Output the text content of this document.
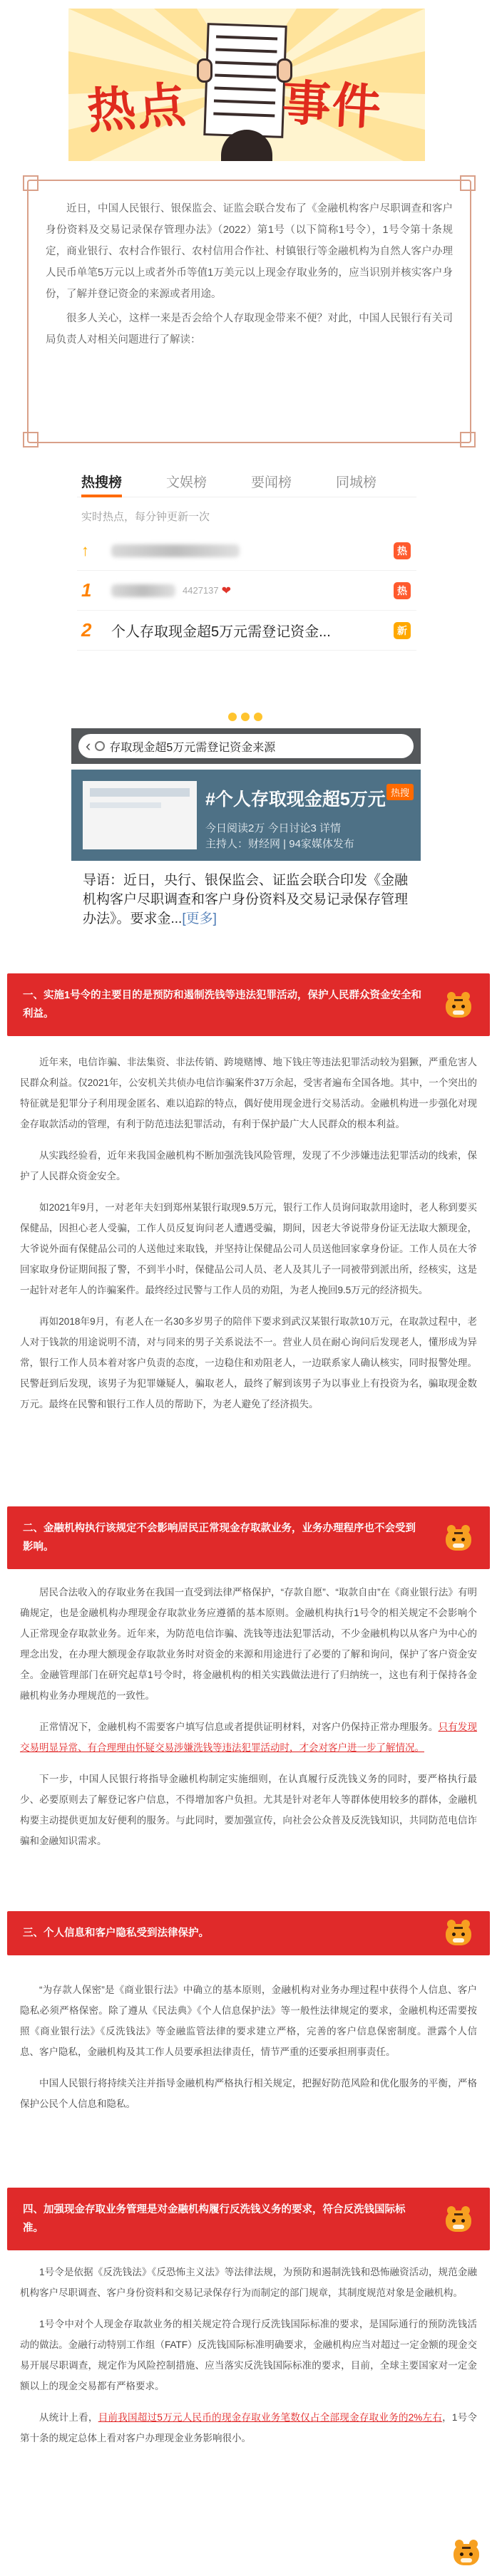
热点 事件

近日，中国人民银行、银保监会、证监会联合发布了《金融机构客户尽职调查和客户身份资料及交易记录保存管理办法》（2022）第1号（以下简称1号令），1号令第十条规定，商业银行、农村合作银行、农村信用合作社、村镇银行等金融机构为自然人客户办理人民币单笔5万元以上或者外币等值1万美元以上现金存取业务的，应当识别并核实客户身份，了解并登记资金的来源或者用途。

很多人关心，这样一来是否会给个人存取现金带来不便？对此，中国人民银行有关司局负责人对相关问题进行了解读：

热搜榜	文娱榜	要闻榜	同城榜
实时热点，每分钟更新一次
↑	热
1	4427137 ❤	热
2	个人存取现金超5万元需登记资金...	新
‹ 存取现金超5万元需登记资金来源
#个人存取现金超5万元 热搜
今日阅读2万 今日讨论3 详情
主持人：财经网 | 94家媒体发布
导语：近日，央行、银保监会、证监会联合印发《金融机构客户尽职调查和客户身份资料及交易记录保存管理办法》。要求金...[更多]
一、实施1号令的主要目的是预防和遏制洗钱等违法犯罪活动，保护人民群众资金安全和利益。

近年来，电信诈骗、非法集资、非法传销、跨境赌博、地下钱庄等违法犯罪活动较为猖獗，严重危害人民群众利益。仅2021年，公安机关共侦办电信诈骗案件37万余起，受害者遍布全国各地。其中，一个突出的特征就是犯罪分子利用现金匿名、难以追踪的特点，偶好使用现金进行交易活动。金融机构进一步强化对现金存取款活动的管理，有利于防范违法犯罪活动，有利于保护最广大人民群众的根本利益。

从实践经验看，近年来我国金融机构不断加强洗钱风险管理，发现了不少涉嫌违法犯罪活动的线索，保护了人民群众资金安全。

如2021年9月，一对老年夫妇到郑州某银行取现9.5万元，银行工作人员询问取款用途时，老人称到要买保健品，因担心老人受骗，工作人员反复询问老人遭遇受骗，期间，因老大爷说带身份证无法取大额现金，大爷说外面有保健品公司的人送他过来取钱，并坚持让保健品公司人员送他回家拿身份证。工作人员在大爷回家取身份证期间报了警，不到半小时，保健品公司人员、老人及其儿子一同被带到派出所，经核实，这是一起针对老年人的诈骗案件。最终经过民警与工作人员的劝阻，为老人挽回9.5万元的经济损失。

再如2018年9月，有老人在一名30多岁男子的陪伴下要求到武汉某银行取款10万元，在取款过程中，老人对于钱款的用途说明不清，对与同来的男子关系说法不一。营业人员在耐心询问后发现老人，懂形成为异常，银行工作人员本着对客户负责的态度，一边稳住和劝阻老人，一边联系家人确认核实，同时报警处理。民警赶到后发现，该男子为犯罪嫌疑人，骗取老人，最终了解到该男子为以事业上有投资为名，骗取现金数万元。最终在民警和银行工作人员的帮助下，为老人避免了经济损失。

二、金融机构执行该规定不会影响居民正常现金存取款业务，业务办理程序也不会受到影响。

居民合法收入的存取业务在我国一直受到法律严格保护，“存款自愿”、“取款自由”在《商业银行法》有明确规定，也是金融机构办理现金存取款业务应遵循的基本原则。金融机构执行1号令的相关规定不会影响个人正常现金存取款业务。近年来，为防范电信诈骗、洗钱等违法犯罪活动，不少金融机构以从客户为中心的理念出发，在办理大额现金存取款业务时对资金的来源和用途进行了必要的了解和询问，保护了客户资金安全。金融管理部门在研究起草1号令时，将金融机构的相关实践做法进行了归纳统一，这也有利于保持各金融机构业务办理规范的一致性。

正常情况下，金融机构不需要客户填写信息或者提供证明材料，对客户仍保持正常办理服务。只有发现交易明显异常、有合理理由怀疑交易涉嫌洗钱等违法犯罪活动时，才会对客户进一步了解情况。

下一步，中国人民银行将指导金融机构制定实施细则，在认真履行反洗钱义务的同时，要严格执行最少、必要原则去了解登记客户信息，不得增加客户负担。尤其是针对老年人等群体使用较多的群体，金融机构要主动提供更加友好便利的服务。与此同时，要加强宣传，向社会公众普及反洗钱知识，共同防范电信诈骗和金融知识需求。

三、个人信息和客户隐私受到法律保护。

“为存款人保密”是《商业银行法》中确立的基本原则，金融机构对业务办理过程中获得个人信息、客户隐私必须严格保密。除了遵从《民法典》《个人信息保护法》等一般性法律规定的要求，金融机构还需要按照《商业银行法》《反洗钱法》等金融监管法律的要求建立严格，完善的客户信息保密制度。泄露个人信息、客户隐私，金融机构及其工作人员要承担法律责任，情节严重的还要承担刑事责任。

中国人民银行将持续关注并指导金融机构严格执行相关规定，把握好防范风险和优化服务的平衡，严格保护公民个人信息和隐私。

四、加强现金存取业务管理是对金融机构履行反洗钱义务的要求，符合反洗钱国际标准。

1号令是依据《反洗钱法》《反恐怖主义法》等法律法规，为预防和遏制洗钱和恐怖融资活动，规范金融机构客户尽职调查、客户身份资料和交易记录保存行为而制定的部门规章，其制度规范对象是金融机构。

1号令中对个人现金存取款业务的相关规定符合现行反洗钱国际标准的要求，是国际通行的预防洗钱活动的做法。金融行动特别工作组（FATF）反洗钱国际标准明确要求，金融机构应当对超过一定金额的现金交易开展尽职调查，规定作为风险控制措施、应当落实反洗钱国际标准的要求，目前，全球主要国家对一定金额以上的现金交易都有严格要求。

从统计上看，目前我国超过5万元人民币的现金存取业务笔数仅占全部现金存取业务的2%左右，1号令第十条的规定总体上看对客户办理现金业务影响很小。
